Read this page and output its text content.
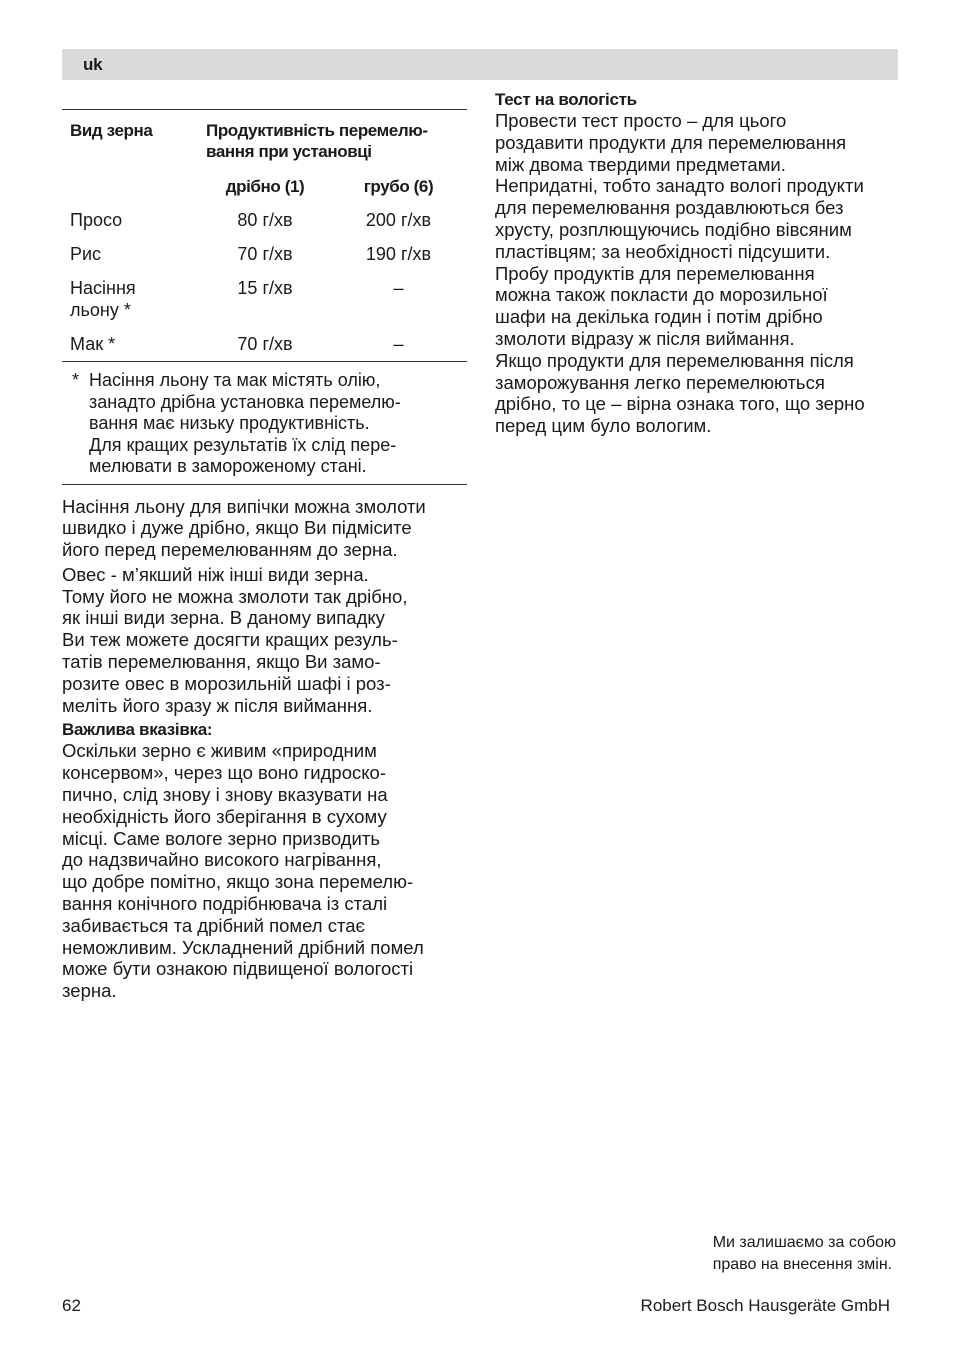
uk
Вид зерна	Продуктивність перемелю-
вання при установці	

	дрібно (1)	грубо (6)
Просо	80 г/хв	200 г/хв
Рис	70 г/хв	190 г/хв

Насіння
льону *	15 г/хв	–
Мак *	70 г/хв	–
* Насіння льону та мак містять олію,
занадто дрібна установка перемелю-
вання має низьку продуктивність.
Для кращих результатів їх слід пере-
мелювати в замороженому стані.

Насіння льону для випічки можна змолоти
швидко і дуже дрібно, якщо Ви підмісите
його перед перемелюванням до зерна.

Овес - м’якший ніж інші види зерна.
Тому його не можна змолоти так дрібно,
як інші види зерна. В даному випадку
Ви теж можете досягти кращих резуль-
татів перемелювання, якщо Ви замо-
розите овес в морозильній шафі і роз-
меліть його зразу ж після виймання.

Важлива вказівка:

Оскільки зерно є живим «природним
консервом», через що воно гидроско-
пично, слід знову і знову вказувати на
необхідність його зберігання в сухому
місці. Саме вологе зерно призводить
до надзвичайно високого нагрівання,
що добре помітно, якщо зона перемелю-
вання конічного подрібнювача із сталі
забивається та дрібний помел стає
неможливим. Ускладнений дрібний помел
може бути ознакою підвищеної вологості
зерна.

Тест на вологість

Провести тест просто – для цього
роздавити продукти для перемелювання
між двома твердими предметами.
Непридатні, тобто занадто вологі продукти
для перемелювання роздавлюються без
хрусту, розплющуючись подібно вівсяним
пластівцям; за необхідності підсушити.
Пробу продуктів для перемелювання
можна також покласти до морозильної
шафи на декілька годин і потім дрібно
змолоти відразу ж після виймання.
Якщо продукти для перемелювання після
заморожування легко перемелюються
дрібно, то це – вірна ознака того, що зерно
перед цим було вологим.

Ми залишаємо за собою
право на внесення змін.
62	Robert Bosch Hausgeräte GmbH
